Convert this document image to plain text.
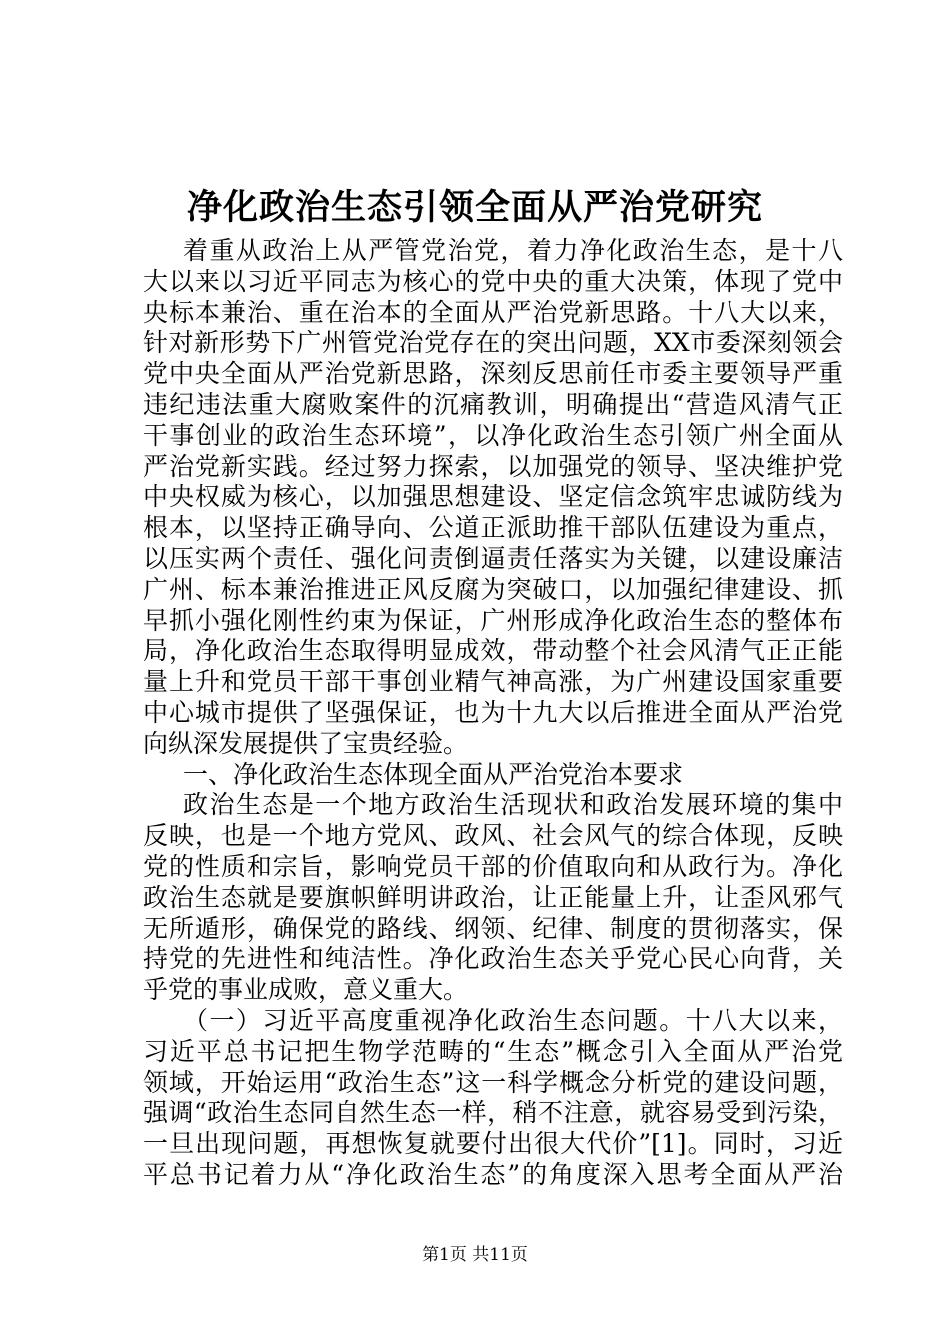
净化政治生态引领全面从严治党研究
着重从政治上从严管党治党，着力净化政治生态，是十八
大以来以习近平同志为核心的党中央的重大决策，体现了党中
央标本兼治、重在治本的全面从严治党新思路。十八大以来，
针对新形势下广州管党治党存在的突出问题，XX市委深刻领会
党中央全面从严治党新思路，深刻反思前任市委主要领导严重
违纪违法重大腐败案件的沉痛教训，明确提出“营造风清气正
干事创业的政治生态环境”，以净化政治生态引领广州全面从
严治党新实践。经过努力探索，以加强党的领导、坚决维护党
中央权威为核心，以加强思想建设、坚定信念筑牢忠诚防线为
根本，以坚持正确导向、公道正派助推干部队伍建设为重点，
以压实两个责任、强化问责倒逼责任落实为关键，以建设廉洁
广州、标本兼治推进正风反腐为突破口，以加强纪律建设、抓
早抓小强化刚性约束为保证，广州形成净化政治生态的整体布
局，净化政治生态取得明显成效，带动整个社会风清气正正能
量上升和党员干部干事创业精气神高涨，为广州建设国家重要
中心城市提供了坚强保证，也为十九大以后推进全面从严治党
向纵深发展提供了宝贵经验。
一、净化政治生态体现全面从严治党治本要求
政治生态是一个地方政治生活现状和政治发展环境的集中
反映，也是一个地方党风、政风、社会风气的综合体现，反映
党的性质和宗旨，影响党员干部的价值取向和从政行为。净化
政治生态就是要旗帜鲜明讲政治，让正能量上升，让歪风邪气
无所遁形，确保党的路线、纲领、纪律、制度的贯彻落实，保
持党的先进性和纯洁性。净化政治生态关乎党心民心向背，关
乎党的事业成败，意义重大。
（一）习近平高度重视净化政治生态问题。十八大以来，
习近平总书记把生物学范畴的“生态”概念引入全面从严治党
领域，开始运用“政治生态”这一科学概念分析党的建设问题，
强调“政治生态同自然生态一样，稍不注意，就容易受到污染，
一旦出现问题，再想恢复就要付出很大代价”[1]。同时，习近
平总书记着力从“净化政治生态”的角度深入思考全面从严治
第1页 共11页
